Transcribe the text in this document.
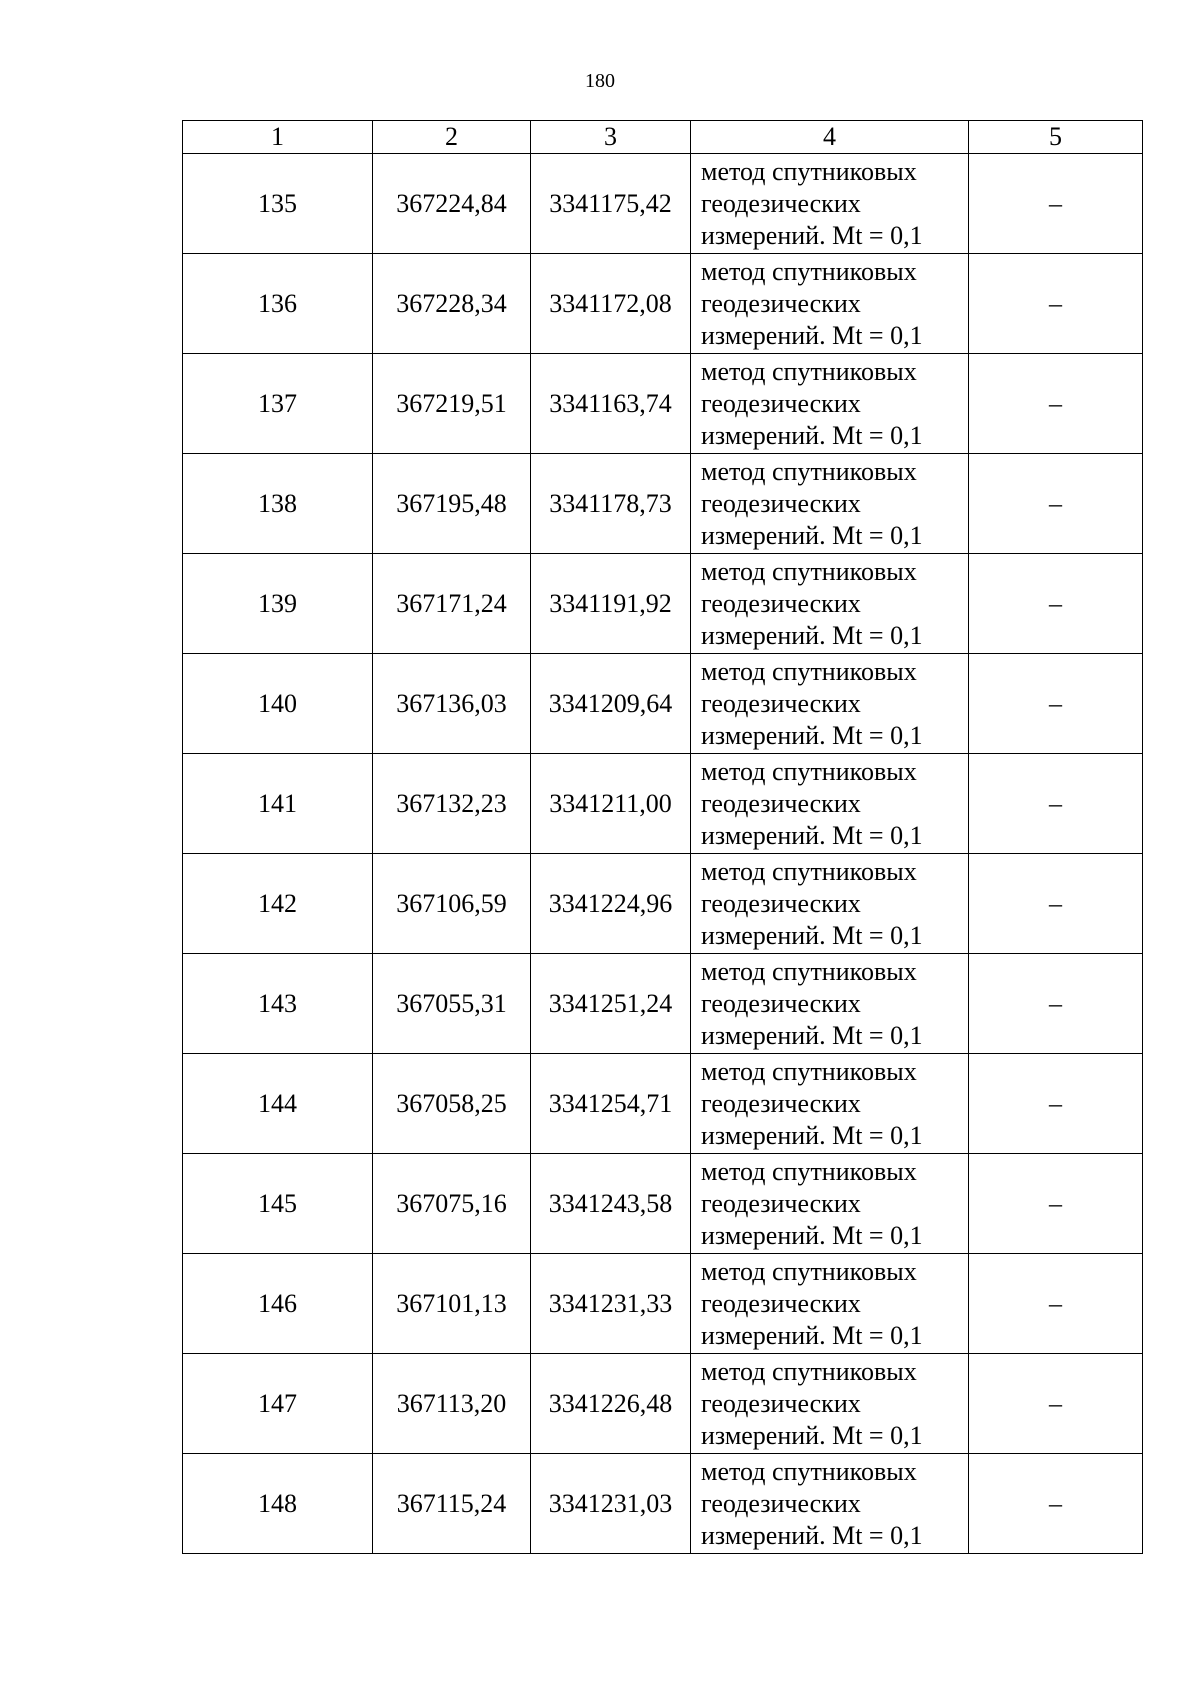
180
1	2	3	4	5
135	367224,84	3341175,42	метод спутниковых
геодезических
измерений. Mt = 0,1	–
136	367228,34	3341172,08	метод спутниковых
геодезических
измерений. Mt = 0,1	–
137	367219,51	3341163,74	метод спутниковых
геодезических
измерений. Mt = 0,1	–
138	367195,48	3341178,73	метод спутниковых
геодезических
измерений. Mt = 0,1	–
139	367171,24	3341191,92	метод спутниковых
геодезических
измерений. Mt = 0,1	–
140	367136,03	3341209,64	метод спутниковых
геодезических
измерений. Mt = 0,1	–
141	367132,23	3341211,00	метод спутниковых
геодезических
измерений. Mt = 0,1	–
142	367106,59	3341224,96	метод спутниковых
геодезических
измерений. Mt = 0,1	–
143	367055,31	3341251,24	метод спутниковых
геодезических
измерений. Mt = 0,1	–
144	367058,25	3341254,71	метод спутниковых
геодезических
измерений. Mt = 0,1	–
145	367075,16	3341243,58	метод спутниковых
геодезических
измерений. Mt = 0,1	–
146	367101,13	3341231,33	метод спутниковых
геодезических
измерений. Mt = 0,1	–
147	367113,20	3341226,48	метод спутниковых
геодезических
измерений. Mt = 0,1	–
148	367115,24	3341231,03	метод спутниковых
геодезических
измерений. Mt = 0,1	–
